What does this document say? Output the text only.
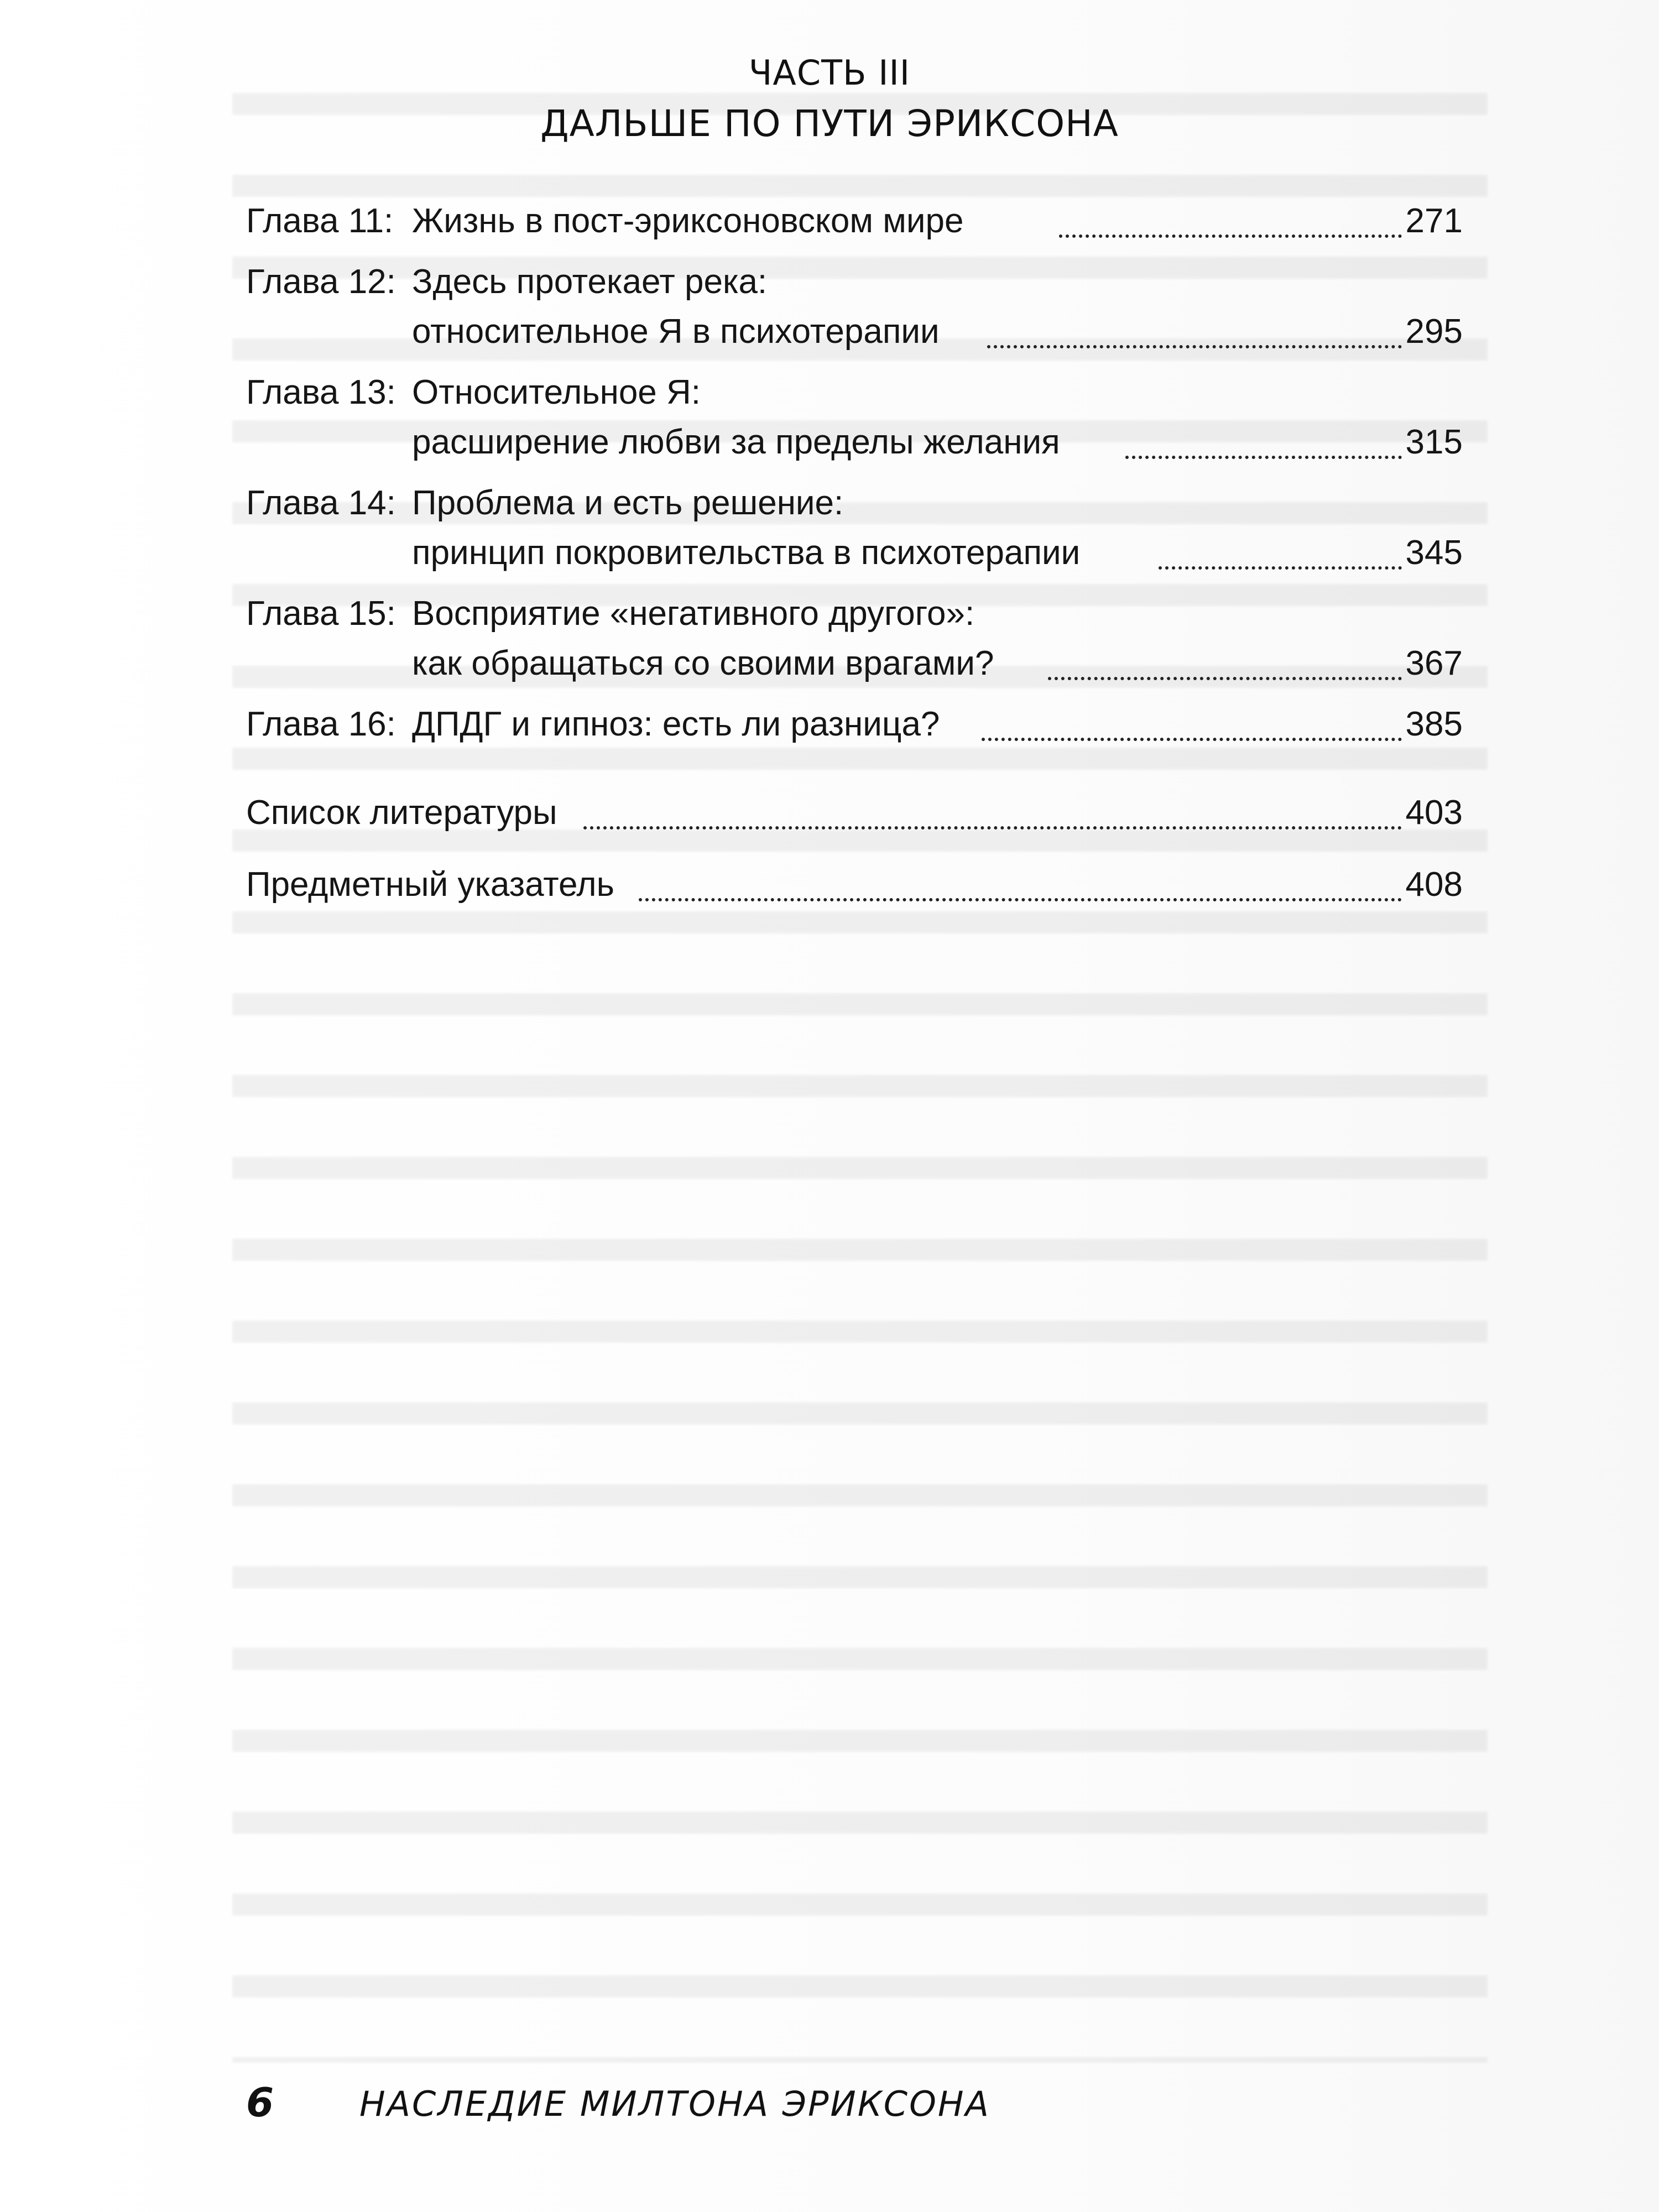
ЧАСТЬ III
ДАЛЬШЕ ПО ПУТИ ЭРИКСОНА
Глава 11: Жизнь в пост-эриксоновском мире	271
Глава 12: Здесь протекает река:
относительное Я в психотерапии	295
Глава 13: Относительное Я:
расширение любви за пределы желания	315
Глава 14: Проблема и есть решение:
принцип покровительства в психотерапии	345
Глава 15: Восприятие «негативного другого»:
как обращаться со своими врагами?	367
Глава 16: ДПДГ и гипноз: есть ли разница?	385
Список литературы	403
Предметный указатель	408
6 НАСЛЕДИЕ МИЛТОНА ЭРИКСОНА
